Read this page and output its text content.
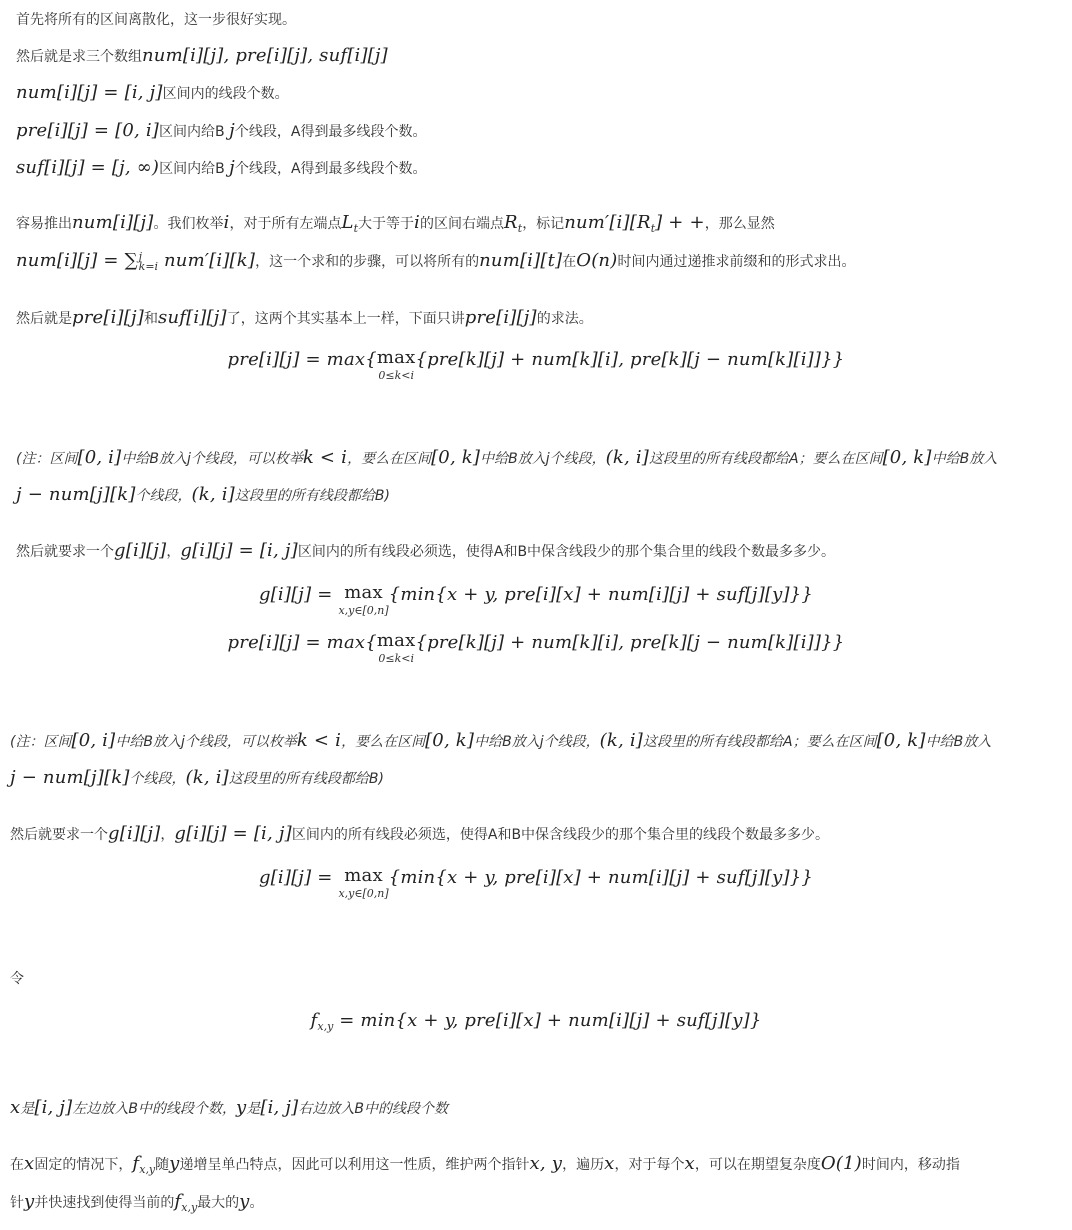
首先将所有的区间离散化，这一步很好实现。
然后就是求三个数组num[i][j], pre[i][j], suf[i][j]
num[i][j] = [i, j]区间内的线段个数。
pre[i][j] = [0, i]区间内给B j个线段，A得到最多线段个数。
suf[i][j] = [j, ∞)区间内给B j个线段，A得到最多线段个数。
容易推出num[i][j]。我们枚举i，对于所有左端点$L_t$大于等于i的区间右端点$R_t$，标记$num'[i][R_t]$ + +，那么显然
num[i][j] = ∑ j
k=i num′[i][k]，这一个求和的步骤，可以将所有的num[i][t]在O(n)时间内通过递推求前缀和的形式求出。
然后就是pre[i][j]和suf[i][j]了，这两个其实基本上一样，下面只讲pre[i][j]的求法。
pre[i][j] = max{ max
0≤k<i
{pre[k][j] + num[k][i], pre[k][j − num[k][i]]}}
(注：区间[0, i]中给B放入j个线段，可以枚举k < i，要么在区间[0, k]中给B放入j个线段，(k, i]这段里的所有线段都给A；要么在区间[0, k]中给B放入
j − num[j][k]个线段，(k, i]这段里的所有线段都给B)
然后就要求一个g[i][j]，g[i][j] = [i, j]区间内的所有线段必须选，使得A和B中保含线段少的那个集合里的线段个数最多多少。
g[i][j] = max
x,y∈[0,n]
{min{x + y, pre[i][x] + num[i][j] + suf[j][y]}}
pre[i][j] = max{ max
0≤k<i
{pre[k][j] + num[k][i], pre[k][j − num[k][i]]}}
(注：区间[0, i]中给B放入j个线段，可以枚举k < i，要么在区间[0, k]中给B放入j个线段，(k, i]这段里的所有线段都给A；要么在区间[0, k]中给B放入
j − num[j][k]个线段，(k, i]这段里的所有线段都给B)
然后就要求一个g[i][j]，g[i][j] = [i, j]区间内的所有线段必须选，使得A和B中保含线段少的那个集合里的线段个数最多多少。
g[i][j] = max
x,y∈[0,n]
{min{x + y, pre[i][x] + num[i][j] + suf[j][y]}}
令
$f_{x,y} = \min\{x + y$, pre[i][x] + num[i][j] + suf[j][y]}
x是[i, j]左边放入B中的线段个数，y是[i, j]右边放入B中的线段个数
在x固定的情况下，$f_{x,y}$随y递增呈单凸特点，因此可以利用这一性质，维护两个指针x, y，遍历x，对于每个x，可以在期望复杂度O(1)时间内，移动指
针y并快速找到使得当前的$f_{x,y}$最大的y。
